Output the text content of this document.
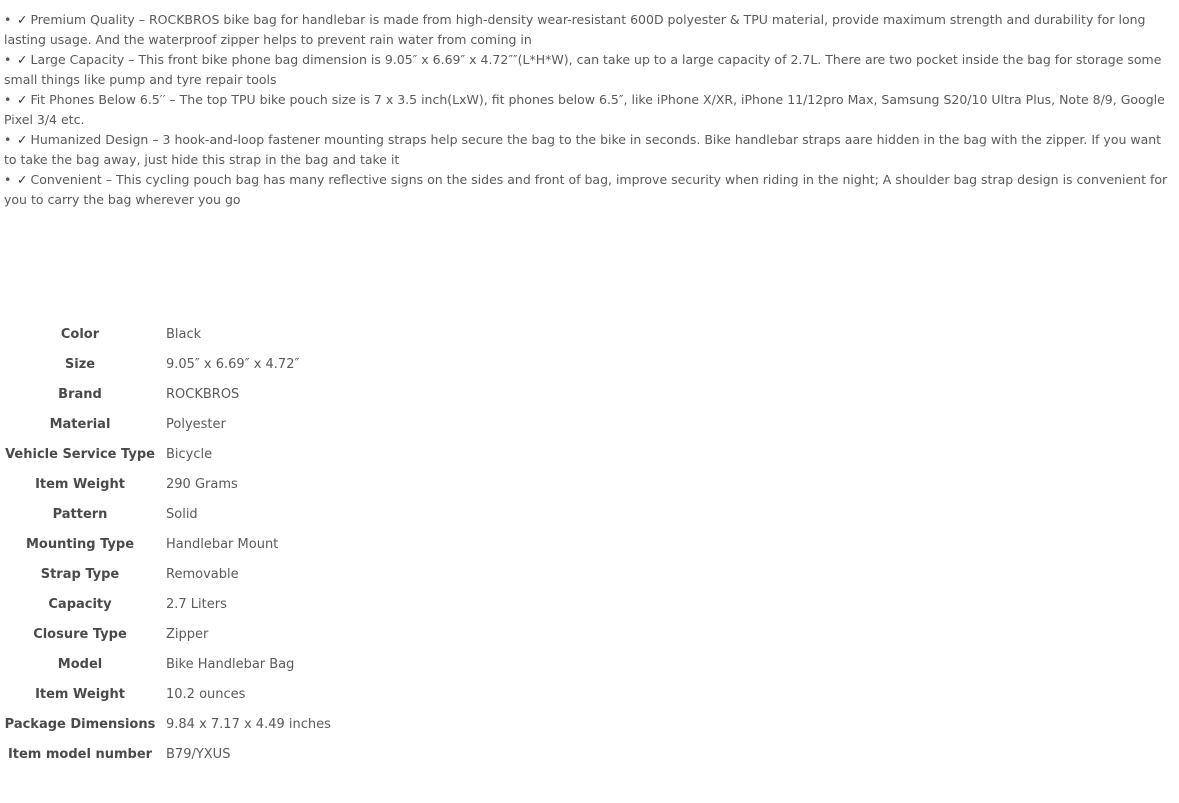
• ✓ Premium Quality – ROCKBROS bike bag for handlebar is made from high-density wear-resistant 600D polyester & TPU material, provide maximum strength and durability for long lasting usage. And the waterproof zipper helps to prevent rain water from coming in
• ✓ Large Capacity – This front bike phone bag dimension is 9.05″ x 6.69″ x 4.72″″(L*H*W), can take up to a large capacity of 2.7L. There are two pocket inside the bag for storage some small things like pump and tyre repair tools
• ✓ Fit Phones Below 6.5′′ – The top TPU bike pouch size is 7 x 3.5 inch(LxW), fit phones below 6.5″, like iPhone X/XR, iPhone 11/12pro Max, Samsung S20/10 Ultra Plus, Note 8/9, Google Pixel 3/4 etc.
• ✓ Humanized Design – 3 hook-and-loop fastener mounting straps help secure the bag to the bike in seconds. Bike handlebar straps aare hidden in the bag with the zipper. If you want to take the bag away, just hide this strap in the bag and take it
• ✓ Convenient – This cycling pouch bag has many reflective signs on the sides and front of bag, improve security when riding in the night; A shoulder bag strap design is convenient for you to carry the bag wherever you go
Color	Black
Size	9.05″ x 6.69″ x 4.72″
Brand	ROCKBROS
Material	Polyester
Vehicle Service Type	Bicycle
Item Weight	290 Grams
Pattern	Solid
Mounting Type	Handlebar Mount
Strap Type	Removable
Capacity	2.7 Liters
Closure Type	Zipper
Model	Bike Handlebar Bag
Item Weight	10.2 ounces
Package Dimensions	9.84 x 7.17 x 4.49 inches
Item model number	B79/YXUS
